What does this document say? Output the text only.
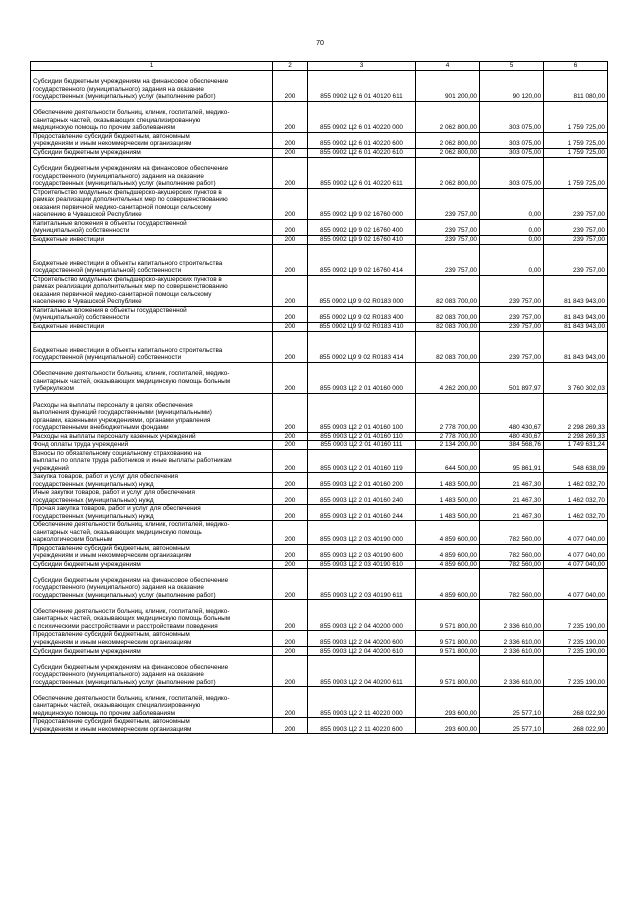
70
1	2	3	4	5	6
Субсидии бюджетным учреждениям на финансовое обеспечение
государственного (муниципального) задания на оказание
государственных (муниципальных) услуг (выполнение работ)	200	855 0902 Ц2 6 01 40120 611	901 200,00	90 120,00	811 080,00
Обеспечение деятельности больниц, клиник, госпиталей, медико-
санитарных частей, оказывающих специализированную
медицинскую помощь по прочим заболеваниям	200	855 0902 Ц2 6 01 40220 000	2 062 800,00	303 075,00	1 759 725,00
Предоставление субсидий бюджетным, автономным
учреждениям и иным некоммерческим организациям	200	855 0902 Ц2 6 01 40220 600	2 062 800,00	303 075,00	1 759 725,00
Субсидии бюджетным учреждениям	200	855 0902 Ц2 6 01 40220 610	2 062 800,00	303 075,00	1 759 725,00
Субсидии бюджетным учреждениям на финансовое обеспечение
государственного (муниципального) задания на оказание
государственных (муниципальных) услуг (выполнение работ)	200	855 0902 Ц2 6 01 40220 611	2 062 800,00	303 075,00	1 759 725,00
Строительство модульных фельдшерско-акушерских пунктов в
рамках реализации дополнительных мер по совершенствованию
оказания первичной медико-санитарной помощи сельскому
населению в Чувашской Республике	200	855 0902 Ц9 9 02 16760 000	239 757,00	0,00	239 757,00
Капитальные вложения в объекты государственной
(муниципальной) собственности	200	855 0902 Ц9 9 02 16760 400	239 757,00	0,00	239 757,00
Бюджетные инвестиции	200	855 0902 Ц9 9 02 16760 410	239 757,00	0,00	239 757,00
Бюджетные инвестиции в объекты капитального строительства
государственной (муниципальной) собственности	200	855 0902 Ц9 9 02 16760 414	239 757,00	0,00	239 757,00
Строительство модульных фельдшерско-акушерских пунктов в
рамках реализации дополнительных мер по совершенствованию
оказания первичной медико-санитарной помощи сельскому
населению в Чувашской Республике	200	855 0902 Ц9 9 02 R0183 000	82 083 700,00	239 757,00	81 843 943,00
Капитальные вложения в объекты государственной
(муниципальной) собственности	200	855 0902 Ц9 9 02 R0183 400	82 083 700,00	239 757,00	81 843 943,00
Бюджетные инвестиции	200	855 0902 Ц9 9 02 R0183 410	82 083 700,00	239 757,00	81 843 943,00
Бюджетные инвестиции в объекты капитального строительства
государственной (муниципальной) собственности	200	855 0902 Ц9 9 02 R0183 414	82 083 700,00	239 757,00	81 843 943,00
Обеспечение деятельности больниц, клиник, госпиталей, медико-
санитарных частей, оказывающих медицинскую помощь больным
туберкулезом	200	855 0903 Ц2 2 01 40160 000	4 262 200,00	501 897,97	3 760 302,03
Расходы на выплаты персоналу в целях обеспечения
выполнения функций государственными (муниципальными)
органами, казенными учреждениями, органами управления
государственными внебюджетными фондами	200	855 0903 Ц2 2 01 40160 100	2 778 700,00	480 430,67	2 298 269,33
Расходы на выплаты персоналу казенных учреждений	200	855 0903 Ц2 2 01 40160 110	2 778 700,00	480 430,67	2 298 269,33
Фонд оплаты труда учреждений	200	855 0903 Ц2 2 01 40160 111	2 134 200,00	384 568,76	1 749 631,24
Взносы по обязательному социальному страхованию на
выплаты по оплате труда работников и иные выплаты работникам
учреждений	200	855 0903 Ц2 2 01 40160 119	644 500,00	95 861,91	548 638,09
Закупка товаров, работ и услуг для обеспечения
государственных (муниципальных) нужд	200	855 0903 Ц2 2 01 40160 200	1 483 500,00	21 467,30	1 462 032,70
Иные закупки товаров, работ и услуг для обеспечения
государственных (муниципальных) нужд	200	855 0903 Ц2 2 01 40160 240	1 483 500,00	21 467,30	1 462 032,70
Прочая закупка товаров, работ и услуг для обеспечения
государственных (муниципальных) нужд	200	855 0903 Ц2 2 01 40160 244	1 483 500,00	21 467,30	1 462 032,70
Обеспечение деятельности больниц, клиник, госпиталей, медико-
санитарных частей, оказывающих медицинскую помощь
наркологическим больным	200	855 0903 Ц2 2 03 40190 000	4 859 600,00	782 560,00	4 077 040,00
Предоставление субсидий бюджетным, автономным
учреждениям и иным некоммерческим организациям	200	855 0903 Ц2 2 03 40190 600	4 859 600,00	782 560,00	4 077 040,00
Субсидии бюджетным учреждениям	200	855 0903 Ц2 2 03 40190 610	4 859 600,00	782 560,00	4 077 040,00
Субсидии бюджетным учреждениям на финансовое обеспечение
государственного (муниципального) задания на оказание
государственных (муниципальных) услуг (выполнение работ)	200	855 0903 Ц2 2 03 40190 611	4 859 600,00	782 560,00	4 077 040,00
Обеспечение деятельности больниц, клиник, госпиталей, медико-
санитарных частей, оказывающих медицинскую помощь больным
с психическими расстройствами и расстройствами поведения	200	855 0903 Ц2 2 04 40200 000	9 571 800,00	2 336 610,00	7 235 190,00
Предоставление субсидий бюджетным, автономным
учреждениям и иным некоммерческим организациям	200	855 0903 Ц2 2 04 40200 600	9 571 800,00	2 336 610,00	7 235 190,00
Субсидии бюджетным учреждениям	200	855 0903 Ц2 2 04 40200 610	9 571 800,00	2 336 610,00	7 235 190,00
Субсидии бюджетным учреждениям на финансовое обеспечение
государственного (муниципального) задания на оказание
государственных (муниципальных) услуг (выполнение работ)	200	855 0903 Ц2 2 04 40200 611	9 571 800,00	2 336 610,00	7 235 190,00
Обеспечение деятельности больниц, клиник, госпиталей, медико-
санитарных частей, оказывающих специализированную
медицинскую помощь по прочим заболеваниям	200	855 0903 Ц2 2 11 40220 000	293 600,00	25 577,10	268 022,90
Предоставление субсидий бюджетным, автономным
учреждениям и иным некоммерческим организациям	200	855 0903 Ц2 2 11 40220 600	293 600,00	25 577,10	268 022,90
